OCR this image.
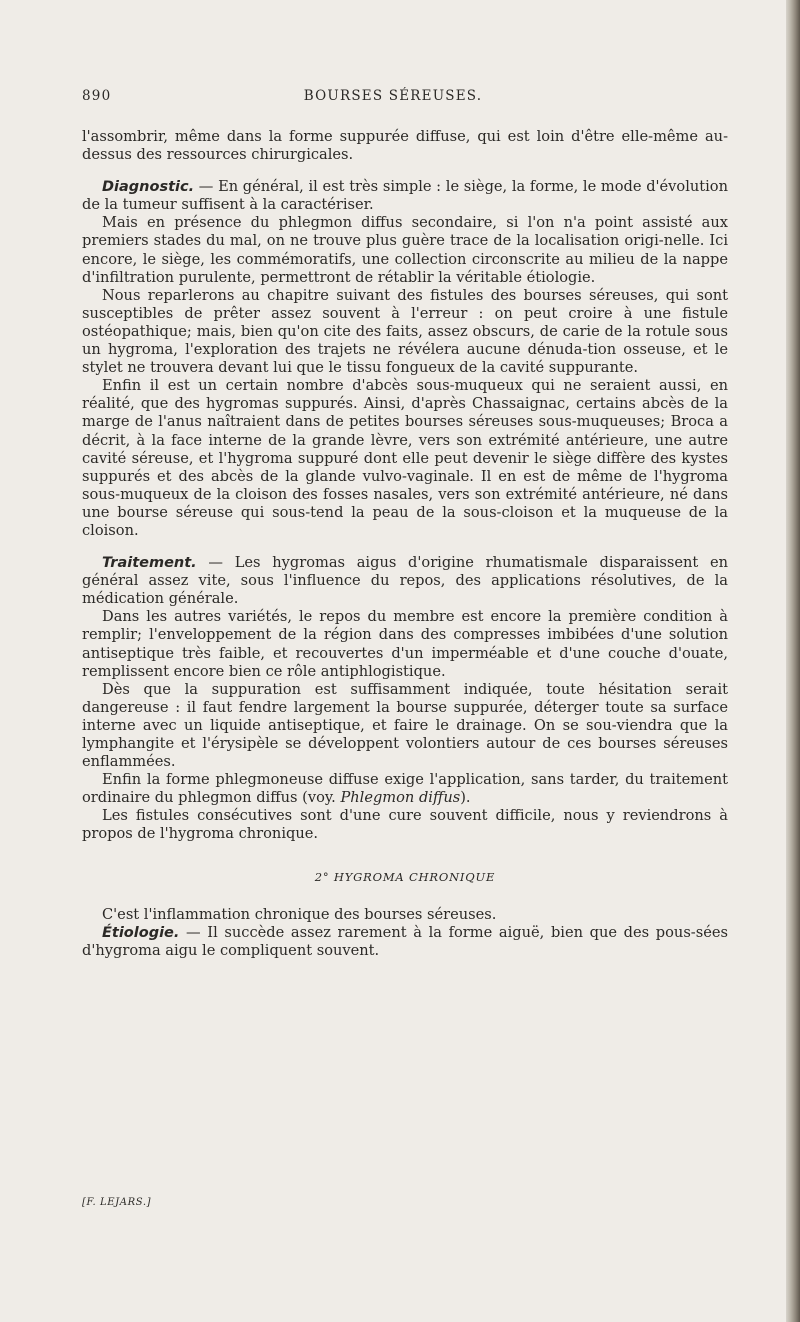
890	BOURSES SÉREUSES.

l'assombrir, même dans la forme suppurée diffuse, qui est loin d'être elle-même au-dessus des ressources chirurgicales.

Diagnostic. — En général, il est très simple : le siège, la forme, le mode d'évolution de la tumeur suffisent à la caractériser.

Mais en présence du phlegmon diffus secondaire, si l'on n'a point assisté aux premiers stades du mal, on ne trouve plus guère trace de la localisation origi-nelle. Ici encore, le siège, les commémoratifs, une collection circonscrite au milieu de la nappe d'infiltration purulente, permettront de rétablir la véritable étiologie.

Nous reparlerons au chapitre suivant des fistules des bourses séreuses, qui sont susceptibles de prêter assez souvent à l'erreur : on peut croire à une fistule ostéopathique; mais, bien qu'on cite des faits, assez obscurs, de carie de la rotule sous un hygroma, l'exploration des trajets ne révélera aucune dénuda-tion osseuse, et le stylet ne trouvera devant lui que le tissu fongueux de la cavité suppurante.

Enfin il est un certain nombre d'abcès sous-muqueux qui ne seraient aussi, en réalité, que des hygromas suppurés. Ainsi, d'après Chassaignac, certains abcès de la marge de l'anus naîtraient dans de petites bourses séreuses sous-muqueuses; Broca a décrit, à la face interne de la grande lèvre, vers son extrémité antérieure, une autre cavité séreuse, et l'hygroma suppuré dont elle peut devenir le siège diffère des kystes suppurés et des abcès de la glande vulvo-vaginale. Il en est de même de l'hygroma sous-muqueux de la cloison des fosses nasales, vers son extrémité antérieure, né dans une bourse séreuse qui sous-tend la peau de la sous-cloison et la muqueuse de la cloison.

Traitement. — Les hygromas aigus d'origine rhumatismale disparaissent en général assez vite, sous l'influence du repos, des applications résolutives, de la médication générale.

Dans les autres variétés, le repos du membre est encore la première condition à remplir; l'enveloppement de la région dans des compresses imbibées d'une solution antiseptique très faible, et recouvertes d'un imperméable et d'une couche d'ouate, remplissent encore bien ce rôle antiphlogistique.

Dès que la suppuration est suffisamment indiquée, toute hésitation serait dangereuse : il faut fendre largement la bourse suppurée, déterger toute sa surface interne avec un liquide antiseptique, et faire le drainage. On se sou-viendra que la lymphangite et l'érysipèle se développent volontiers autour de ces bourses séreuses enflammées.

Enfin la forme phlegmoneuse diffuse exige l'application, sans tarder, du traitement ordinaire du phlegmon diffus (voy. Phlegmon diffus).

Les fistules consécutives sont d'une cure souvent difficile, nous y reviendrons à propos de l'hygroma chronique.

2° HYGROMA CHRONIQUE

C'est l'inflammation chronique des bourses séreuses.

Étiologie. — Il succède assez rarement à la forme aiguë, bien que des pous-sées d'hygroma aigu le compliquent souvent.

[F. LEJARS.]
